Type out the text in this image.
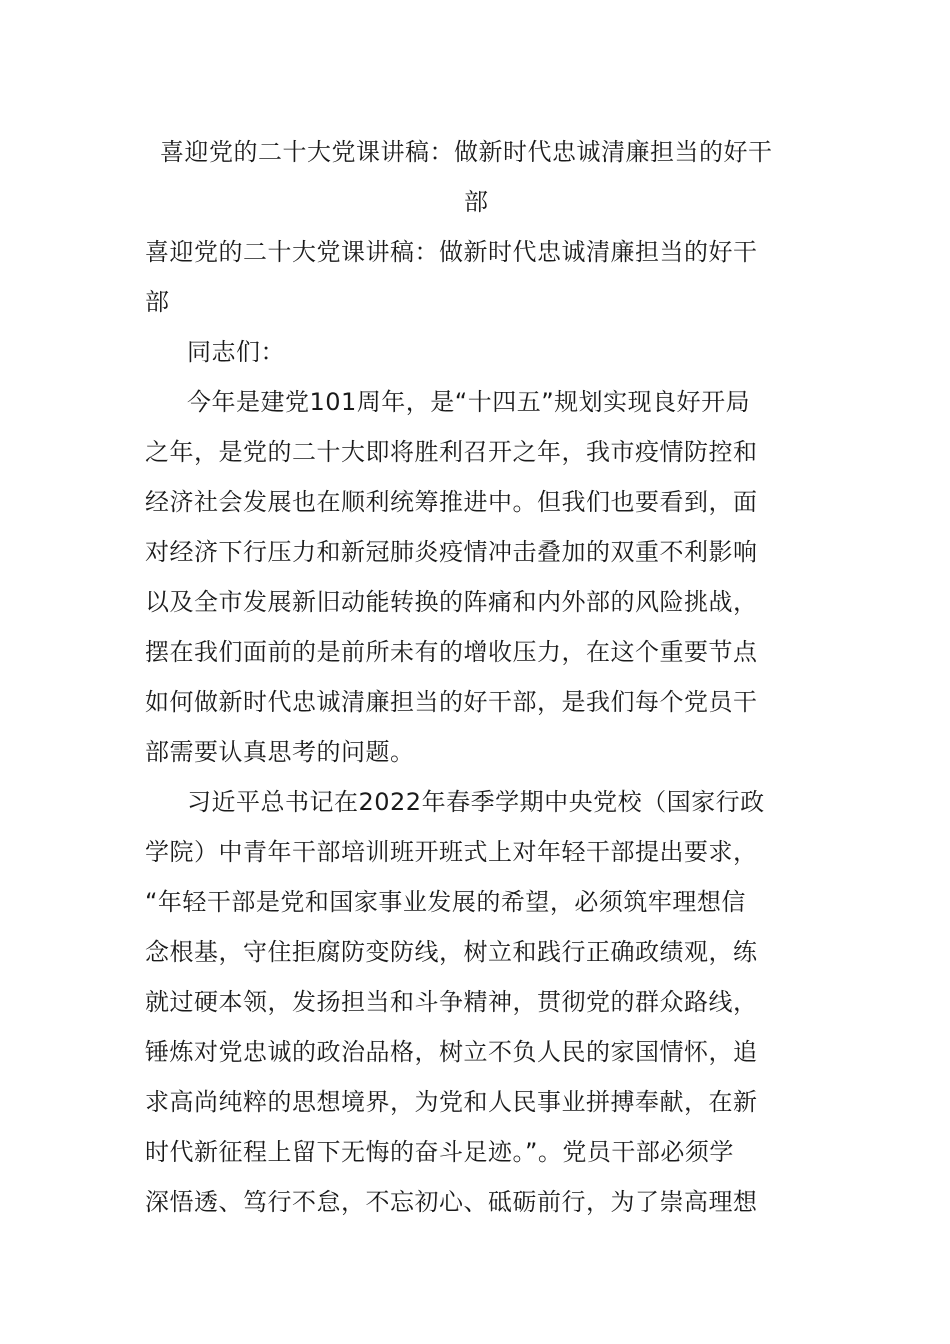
喜迎党的二十大党课讲稿：做新时代忠诚清廉担当的好干
部
喜迎党的二十大党课讲稿：做新时代忠诚清廉担当的好干
部
同志们：
今年是建党101周年，是“十四五”规划实现良好开局
之年，是党的二十大即将胜利召开之年，我市疫情防控和
经济社会发展也在顺利统筹推进中。但我们也要看到，面
对经济下行压力和新冠肺炎疫情冲击叠加的双重不利影响
以及全市发展新旧动能转换的阵痛和内外部的风险挑战，
摆在我们面前的是前所未有的增收压力，在这个重要节点
如何做新时代忠诚清廉担当的好干部，是我们每个党员干
部需要认真思考的问题。
习近平总书记在2022年春季学期中央党校（国家行政
学院）中青年干部培训班开班式上对年轻干部提出要求，
“年轻干部是党和国家事业发展的希望，必须筑牢理想信
念根基，守住拒腐防变防线，树立和践行正确政绩观，练
就过硬本领，发扬担当和斗争精神，贯彻党的群众路线，
锤炼对党忠诚的政治品格，树立不负人民的家国情怀，追
求高尚纯粹的思想境界，为党和人民事业拼搏奉献，在新
时代新征程上留下无悔的奋斗足迹。”。党员干部必须学
深悟透、笃行不怠，不忘初心、砥砺前行，为了崇高理想
